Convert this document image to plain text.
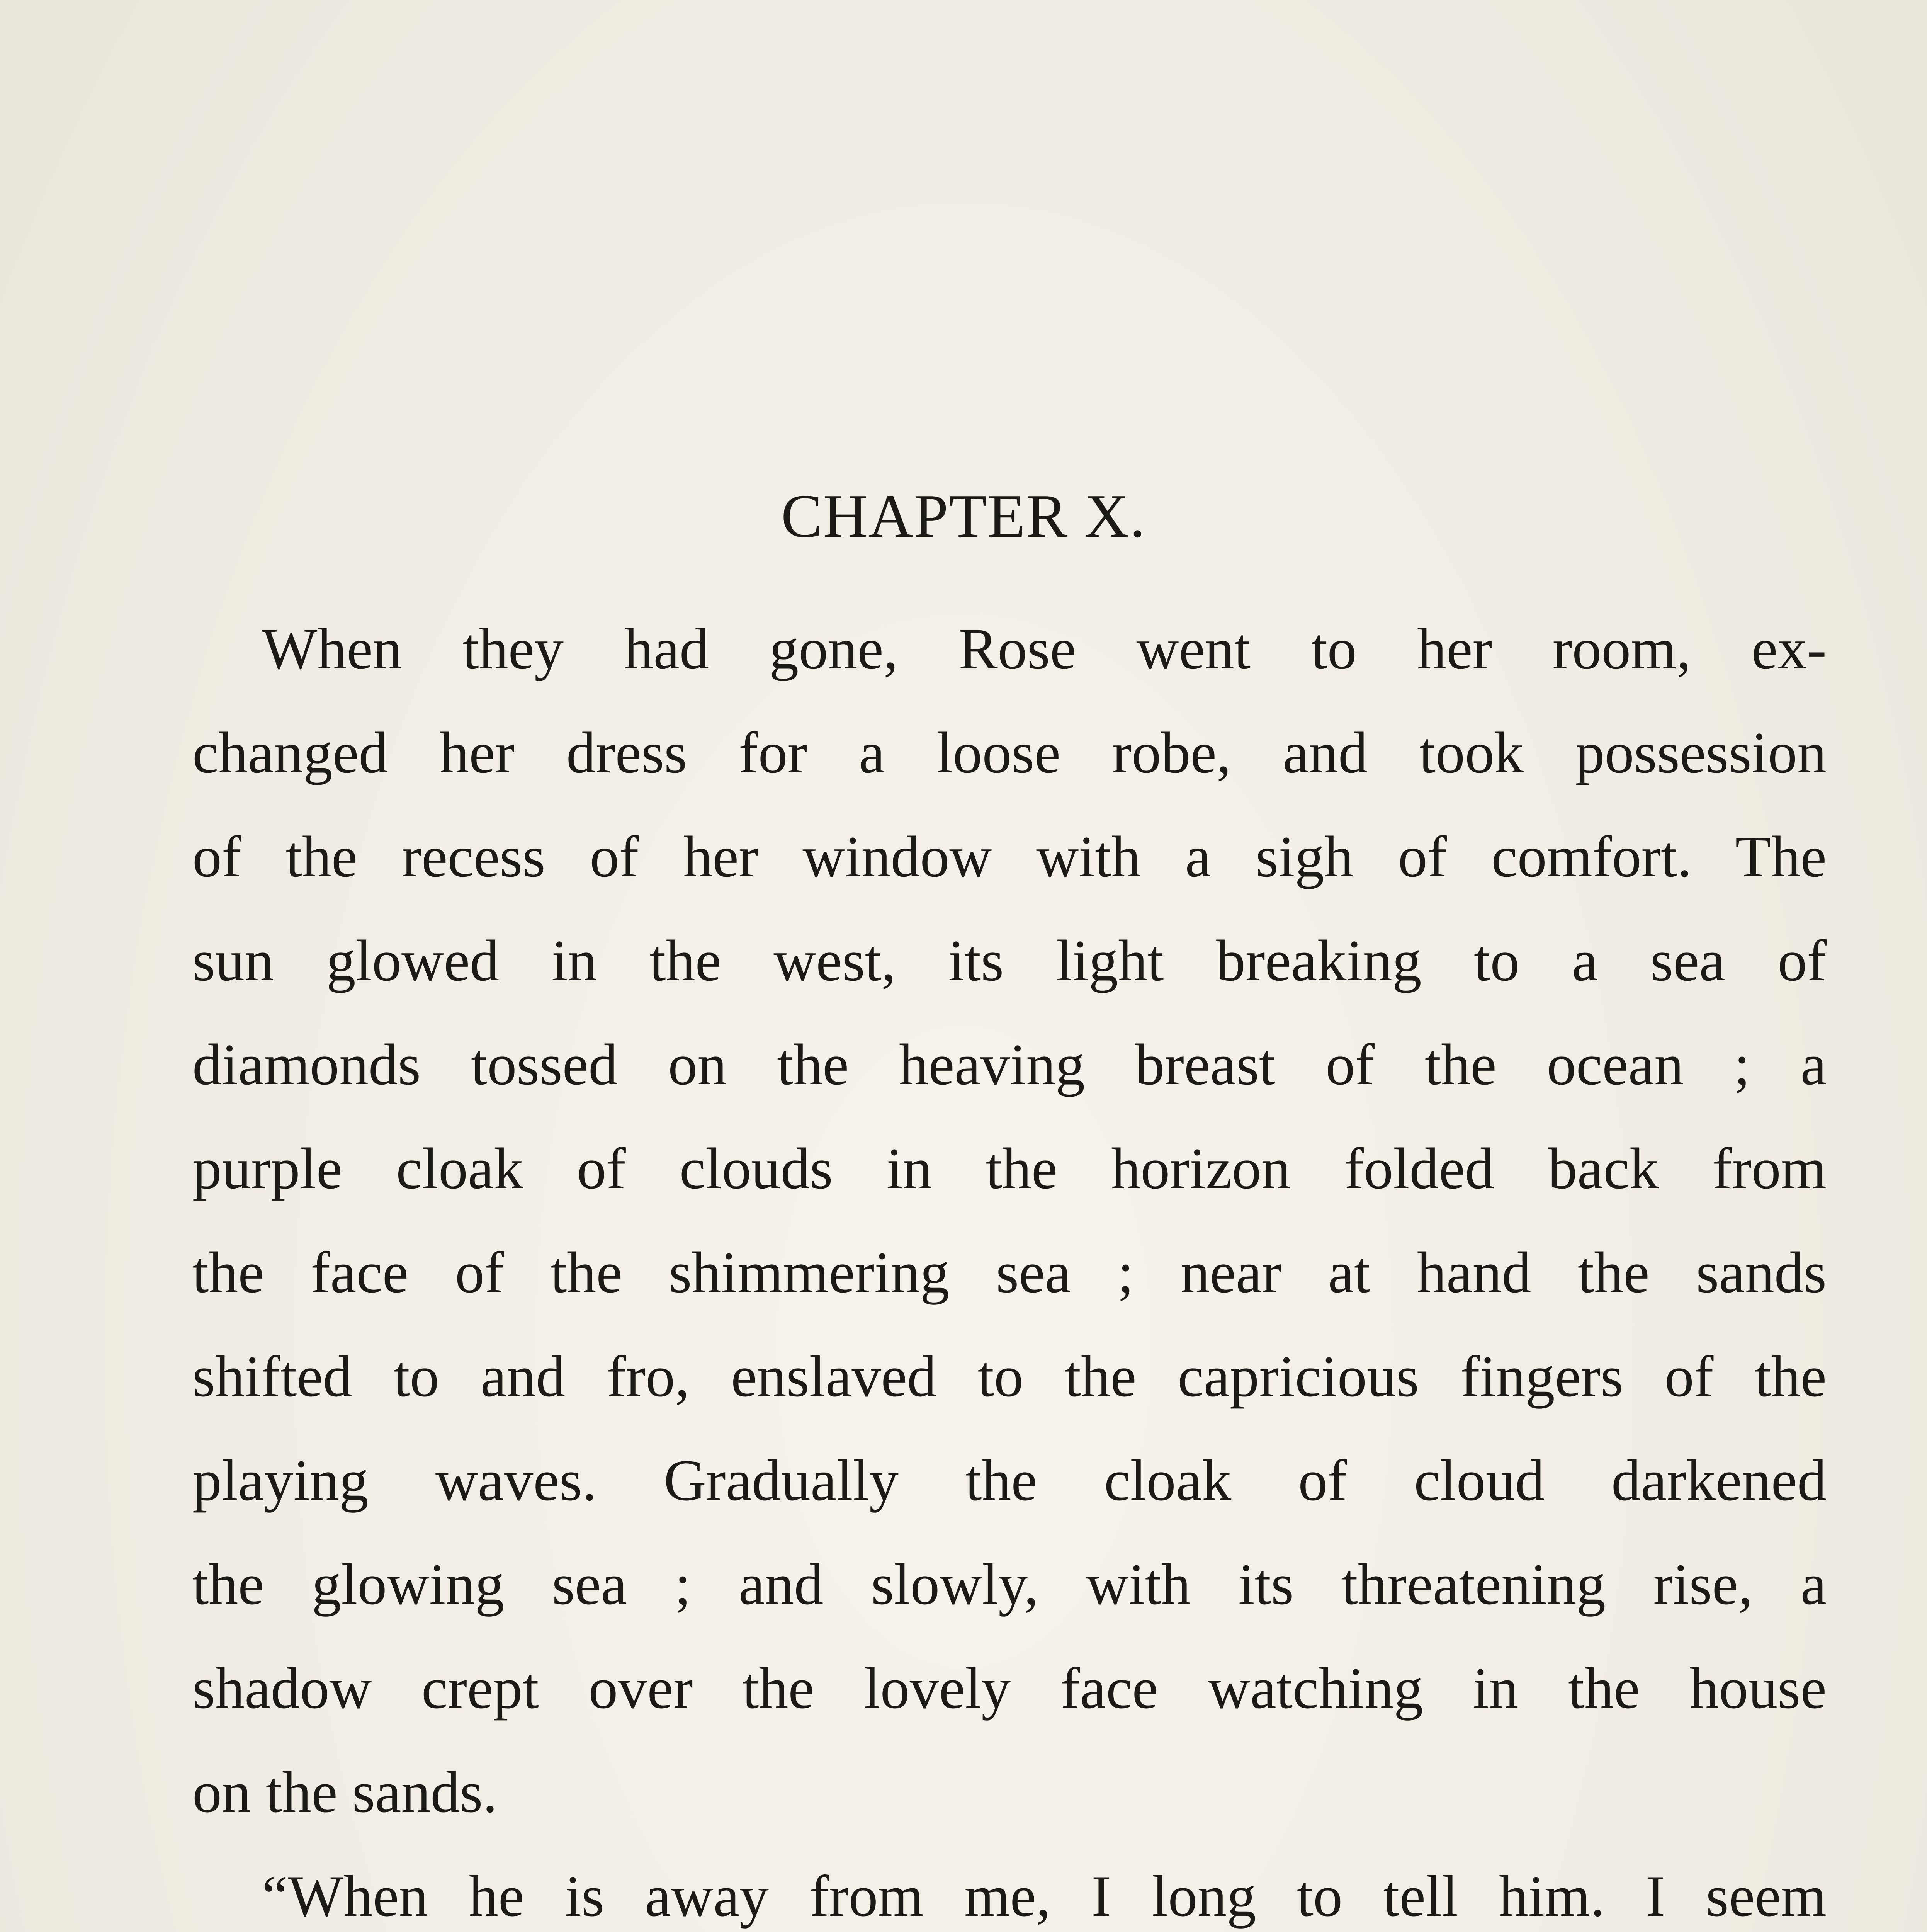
CHAPTER X.
When they had gone, Rose went to her room, ex-
changed her dress for a loose robe, and took possession
of the recess of her window with a sigh of comfort. The
sun glowed in the west, its light breaking to a sea of
diamonds tossed on the heaving breast of the ocean ; a
purple cloak of clouds in the horizon folded back from
the face of the shimmering sea ; near at hand the sands
shifted to and fro, enslaved to the capricious fingers of the
playing waves. Gradually the cloak of cloud darkened
the glowing sea ; and slowly, with its threatening rise, a
shadow crept over the lovely face watching in the house
on the sands.
“When he is away from me, I long to tell him. I seem
